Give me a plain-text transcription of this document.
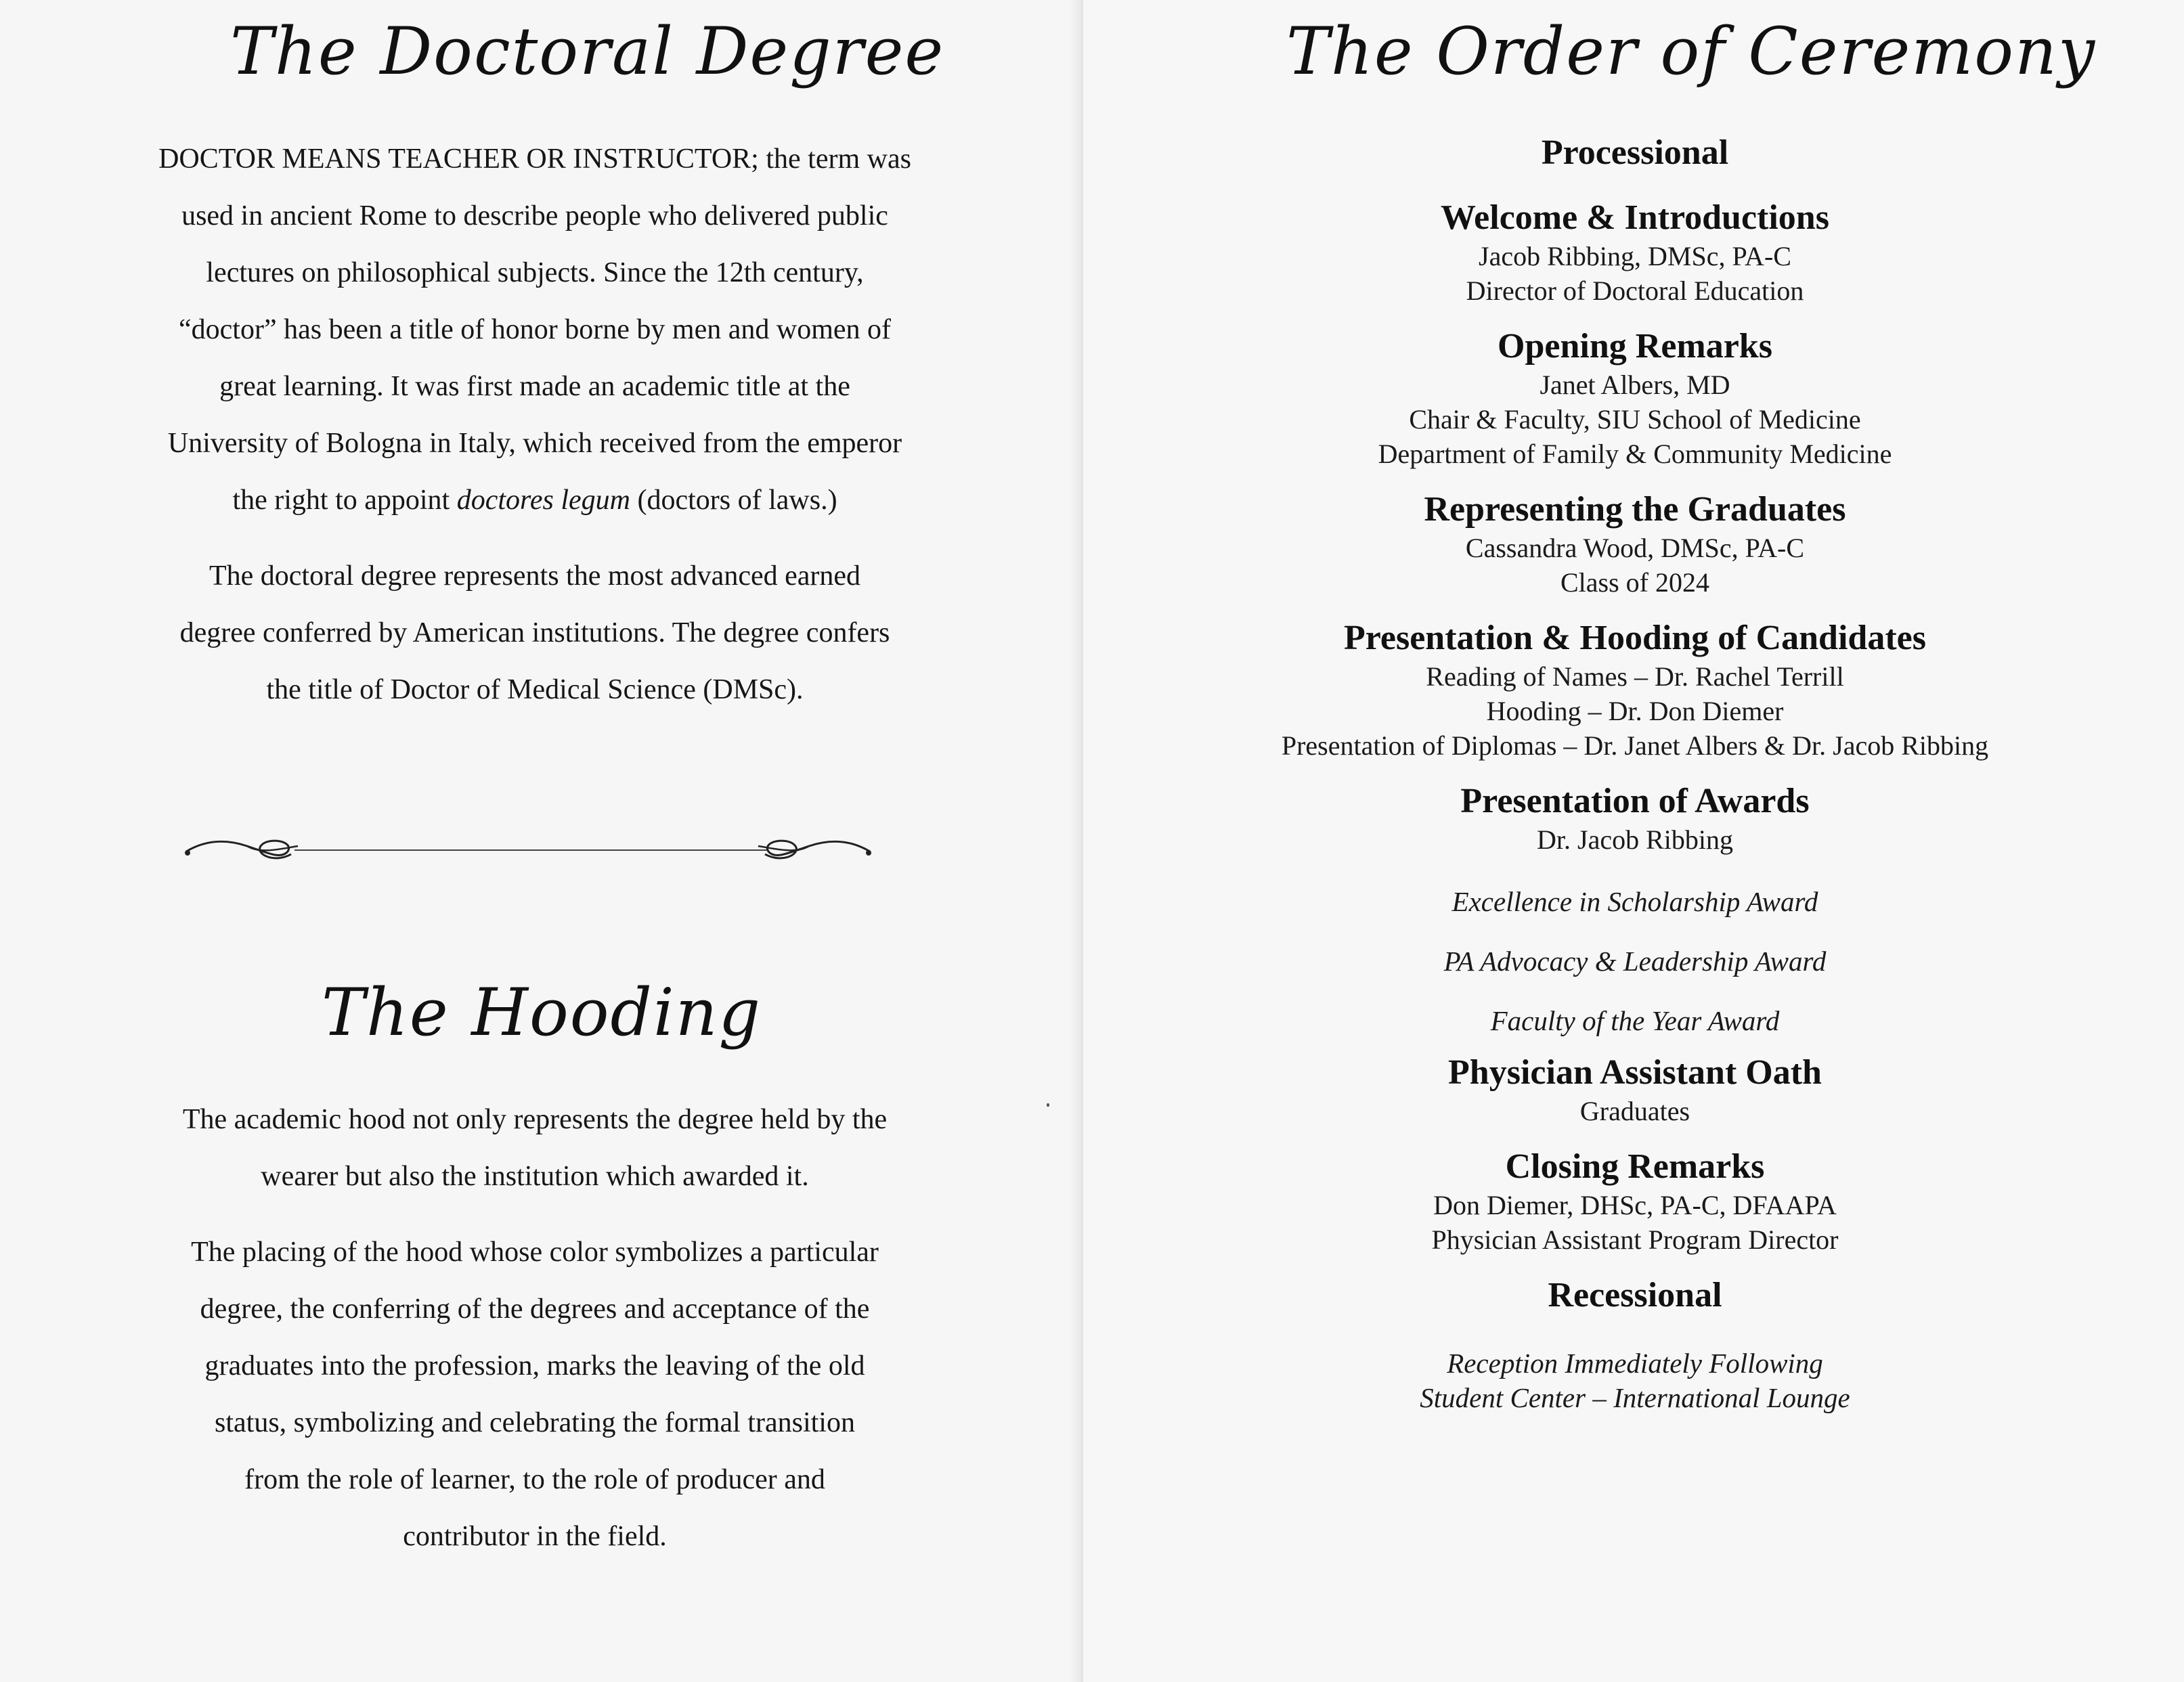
The Doctoral Degree

DOCTOR MEANS TEACHER OR INSTRUCTOR; the term was
used in ancient Rome to describe people who delivered public
lectures on philosophical subjects. Since the 12th century,
“doctor” has been a title of honor borne by men and women of
great learning. It was first made an academic title at the
University of Bologna in Italy, which received from the emperor
the right to appoint doctores legum (doctors of laws.)

The doctoral degree represents the most advanced earned
degree conferred by American institutions. The degree confers
the title of Doctor of Medical Science (DMSc).

The Hooding

The academic hood not only represents the degree held by the
wearer but also the institution which awarded it.

The placing of the hood whose color symbolizes a particular
degree, the conferring of the degrees and acceptance of the
graduates into the profession, marks the leaving of the old
status, symbolizing and celebrating the formal transition
from the role of learner, to the role of producer and
contributor in the field.

The Order of Ceremony
Processional
Welcome & Introductions
Jacob Ribbing, DMSc, PA-C
Director of Doctoral Education
Opening Remarks
Janet Albers, MD
Chair & Faculty, SIU School of Medicine
Department of Family & Community Medicine
Representing the Graduates
Cassandra Wood, DMSc, PA-C
Class of 2024
Presentation & Hooding of Candidates
Reading of Names – Dr. Rachel Terrill
Hooding – Dr. Don Diemer
Presentation of Diplomas – Dr. Janet Albers & Dr. Jacob Ribbing
Presentation of Awards
Dr. Jacob Ribbing
Excellence in Scholarship Award
PA Advocacy & Leadership Award
Faculty of the Year Award
Physician Assistant Oath
Graduates
Closing Remarks
Don Diemer, DHSc, PA-C, DFAAPA
Physician Assistant Program Director
Recessional
Reception Immediately Following
Student Center – International Lounge
